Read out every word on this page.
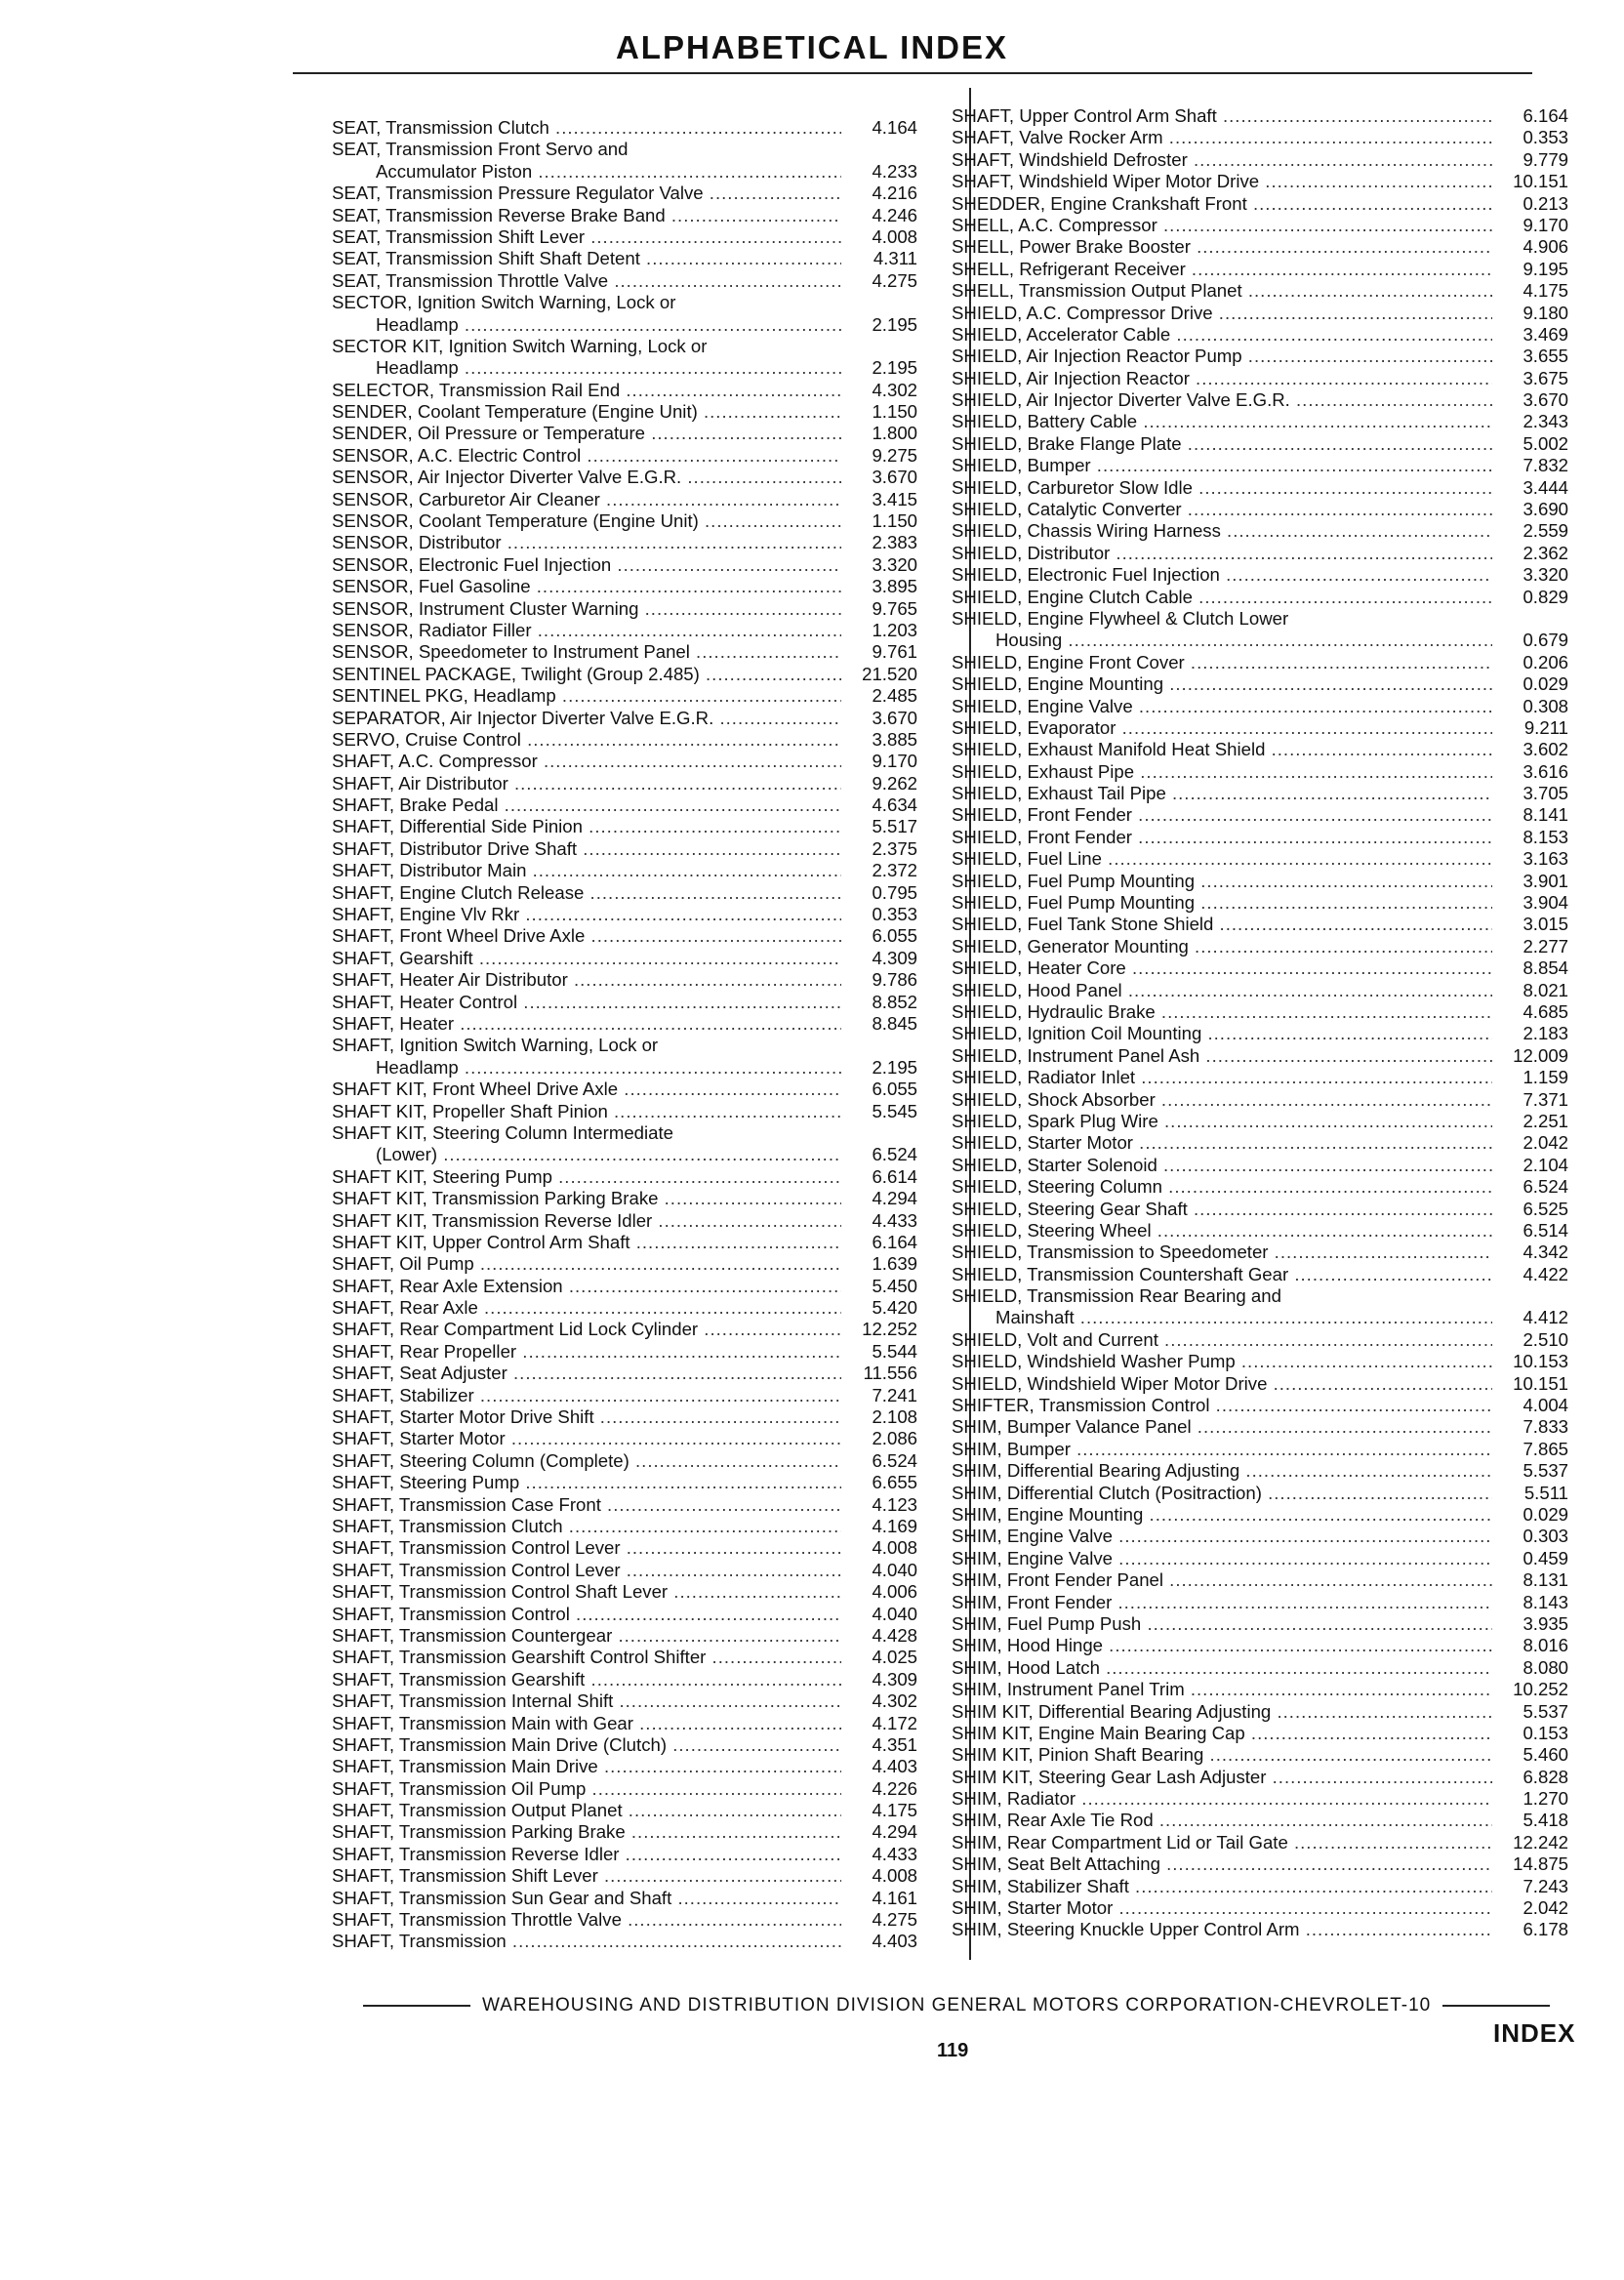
ALPHABETICAL INDEX
SEAT, Transmission Clutch .....	4.164
SEAT, Transmission Front Servo and
Accumulator Piston .....	4.233
SEAT, Transmission Pressure Regulator Valve .....	4.216
SEAT, Transmission Reverse Brake Band .....	4.246
SEAT, Transmission Shift Lever .....	4.008
SEAT, Transmission Shift Shaft Detent .....	4.311
SEAT, Transmission Throttle Valve .....	4.275
SECTOR, Ignition Switch Warning, Lock or
Headlamp .....	2.195
SECTOR KIT, Ignition Switch Warning, Lock or
Headlamp .....	2.195
SELECTOR, Transmission Rail End .....	4.302
SENDER, Coolant Temperature (Engine Unit) .....	1.150
SENDER, Oil Pressure or Temperature .....	1.800
SENSOR, A.C. Electric Control .....	9.275
SENSOR, Air Injector Diverter Valve E.G.R. .....	3.670
SENSOR, Carburetor Air Cleaner .....	3.415
SENSOR, Coolant Temperature (Engine Unit) .....	1.150
SENSOR, Distributor .....	2.383
SENSOR, Electronic Fuel Injection .....	3.320
SENSOR, Fuel Gasoline .....	3.895
SENSOR, Instrument Cluster Warning .....	9.765
SENSOR, Radiator Filler .....	1.203
SENSOR, Speedometer to Instrument Panel .....	9.761
SENTINEL PACKAGE, Twilight (Group 2.485) .....	21.520
SENTINEL PKG, Headlamp .....	2.485
SEPARATOR, Air Injector Diverter Valve E.G.R. .....	3.670
SERVO, Cruise Control .....	3.885
SHAFT, A.C. Compressor .....	9.170
SHAFT, Air Distributor .....	9.262
SHAFT, Brake Pedal .....	4.634
SHAFT, Differential Side Pinion .....	5.517
SHAFT, Distributor Drive Shaft .....	2.375
SHAFT, Distributor Main .....	2.372
SHAFT, Engine Clutch Release .....	0.795
SHAFT, Engine Vlv Rkr .....	0.353
SHAFT, Front Wheel Drive Axle .....	6.055
SHAFT, Gearshift .....	4.309
SHAFT, Heater Air Distributor .....	9.786
SHAFT, Heater Control .....	8.852
SHAFT, Heater .....	8.845
SHAFT, Ignition Switch Warning, Lock or
Headlamp .....	2.195
SHAFT KIT, Front Wheel Drive Axle .....	6.055
SHAFT KIT, Propeller Shaft Pinion .....	5.545
SHAFT KIT, Steering Column Intermediate
(Lower) .....	6.524
SHAFT KIT, Steering Pump .....	6.614
SHAFT KIT, Transmission Parking Brake .....	4.294
SHAFT KIT, Transmission Reverse Idler .....	4.433
SHAFT KIT, Upper Control Arm Shaft .....	6.164
SHAFT, Oil Pump .....	1.639
SHAFT, Rear Axle Extension .....	5.450
SHAFT, Rear Axle .....	5.420
SHAFT, Rear Compartment Lid Lock Cylinder .....	12.252
SHAFT, Rear Propeller .....	5.544
SHAFT, Seat Adjuster .....	11.556
SHAFT, Stabilizer .....	7.241
SHAFT, Starter Motor Drive Shift .....	2.108
SHAFT, Starter Motor .....	2.086
SHAFT, Steering Column (Complete) .....	6.524
SHAFT, Steering Pump .....	6.655
SHAFT, Transmission Case Front .....	4.123
SHAFT, Transmission Clutch .....	4.169
SHAFT, Transmission Control Lever .....	4.008
SHAFT, Transmission Control Lever .....	4.040
SHAFT, Transmission Control Shaft Lever .....	4.006
SHAFT, Transmission Control .....	4.040
SHAFT, Transmission Countergear .....	4.428
SHAFT, Transmission Gearshift Control Shifter .....	4.025
SHAFT, Transmission Gearshift .....	4.309
SHAFT, Transmission Internal Shift .....	4.302
SHAFT, Transmission Main with Gear .....	4.172
SHAFT, Transmission Main Drive (Clutch) .....	4.351
SHAFT, Transmission Main Drive .....	4.403
SHAFT, Transmission Oil Pump .....	4.226
SHAFT, Transmission Output Planet .....	4.175
SHAFT, Transmission Parking Brake .....	4.294
SHAFT, Transmission Reverse Idler .....	4.433
SHAFT, Transmission Shift Lever .....	4.008
SHAFT, Transmission Sun Gear and Shaft .....	4.161
SHAFT, Transmission Throttle Valve .....	4.275
SHAFT, Transmission .....	4.403
SHAFT, Upper Control Arm Shaft .....	6.164
SHAFT, Valve Rocker Arm .....	0.353
SHAFT, Windshield Defroster .....	9.779
SHAFT, Windshield Wiper Motor Drive .....	10.151
SHEDDER, Engine Crankshaft Front .....	0.213
SHELL, A.C. Compressor .....	9.170
SHELL, Power Brake Booster .....	4.906
SHELL, Refrigerant Receiver .....	9.195
SHELL, Transmission Output Planet .....	4.175
SHIELD, A.C. Compressor Drive .....	9.180
SHIELD, Accelerator Cable .....	3.469
SHIELD, Air Injection Reactor Pump .....	3.655
SHIELD, Air Injection Reactor .....	3.675
SHIELD, Air Injector Diverter Valve E.G.R. .....	3.670
SHIELD, Battery Cable .....	2.343
SHIELD, Brake Flange Plate .....	5.002
SHIELD, Bumper .....	7.832
SHIELD, Carburetor Slow Idle .....	3.444
SHIELD, Catalytic Converter .....	3.690
SHIELD, Chassis Wiring Harness .....	2.559
SHIELD, Distributor .....	2.362
SHIELD, Electronic Fuel Injection .....	3.320
SHIELD, Engine Clutch Cable .....	0.829
SHIELD, Engine Flywheel & Clutch Lower
Housing .....	0.679
SHIELD, Engine Front Cover .....	0.206
SHIELD, Engine Mounting .....	0.029
SHIELD, Engine Valve .....	0.308
SHIELD, Evaporator .....	9.211
SHIELD, Exhaust Manifold Heat Shield .....	3.602
SHIELD, Exhaust Pipe .....	3.616
SHIELD, Exhaust Tail Pipe .....	3.705
SHIELD, Front Fender .....	8.141
SHIELD, Front Fender .....	8.153
SHIELD, Fuel Line .....	3.163
SHIELD, Fuel Pump Mounting .....	3.901
SHIELD, Fuel Pump Mounting .....	3.904
SHIELD, Fuel Tank Stone Shield .....	3.015
SHIELD, Generator Mounting .....	2.277
SHIELD, Heater Core .....	8.854
SHIELD, Hood Panel .....	8.021
SHIELD, Hydraulic Brake .....	4.685
SHIELD, Ignition Coil Mounting .....	2.183
SHIELD, Instrument Panel Ash .....	12.009
SHIELD, Radiator Inlet .....	1.159
SHIELD, Shock Absorber .....	7.371
SHIELD, Spark Plug Wire .....	2.251
SHIELD, Starter Motor .....	2.042
SHIELD, Starter Solenoid .....	2.104
SHIELD, Steering Column .....	6.524
SHIELD, Steering Gear Shaft .....	6.525
SHIELD, Steering Wheel .....	6.514
SHIELD, Transmission to Speedometer .....	4.342
SHIELD, Transmission Countershaft Gear .....	4.422
SHIELD, Transmission Rear Bearing and
Mainshaft .....	4.412
SHIELD, Volt and Current .....	2.510
SHIELD, Windshield Washer Pump .....	10.153
SHIELD, Windshield Wiper Motor Drive .....	10.151
SHIFTER, Transmission Control .....	4.004
SHIM, Bumper Valance Panel .....	7.833
SHIM, Bumper .....	7.865
SHIM, Differential Bearing Adjusting .....	5.537
SHIM, Differential Clutch (Positraction) .....	5.511
SHIM, Engine Mounting .....	0.029
SHIM, Engine Valve .....	0.303
SHIM, Engine Valve .....	0.459
SHIM, Front Fender Panel .....	8.131
SHIM, Front Fender .....	8.143
SHIM, Fuel Pump Push .....	3.935
SHIM, Hood Hinge .....	8.016
SHIM, Hood Latch .....	8.080
SHIM, Instrument Panel Trim .....	10.252
SHIM KIT, Differential Bearing Adjusting .....	5.537
SHIM KIT, Engine Main Bearing Cap .....	0.153
SHIM KIT, Pinion Shaft Bearing .....	5.460
SHIM KIT, Steering Gear Lash Adjuster .....	6.828
SHIM, Radiator .....	1.270
SHIM, Rear Axle Tie Rod .....	5.418
SHIM, Rear Compartment Lid or Tail Gate .....	12.242
SHIM, Seat Belt Attaching .....	14.875
SHIM, Stabilizer Shaft .....	7.243
SHIM, Starter Motor .....	2.042
SHIM, Steering Knuckle Upper Control Arm .....	6.178
WAREHOUSING AND DISTRIBUTION DIVISION GENERAL MOTORS CORPORATION-CHEVROLET-10
119
INDEX
